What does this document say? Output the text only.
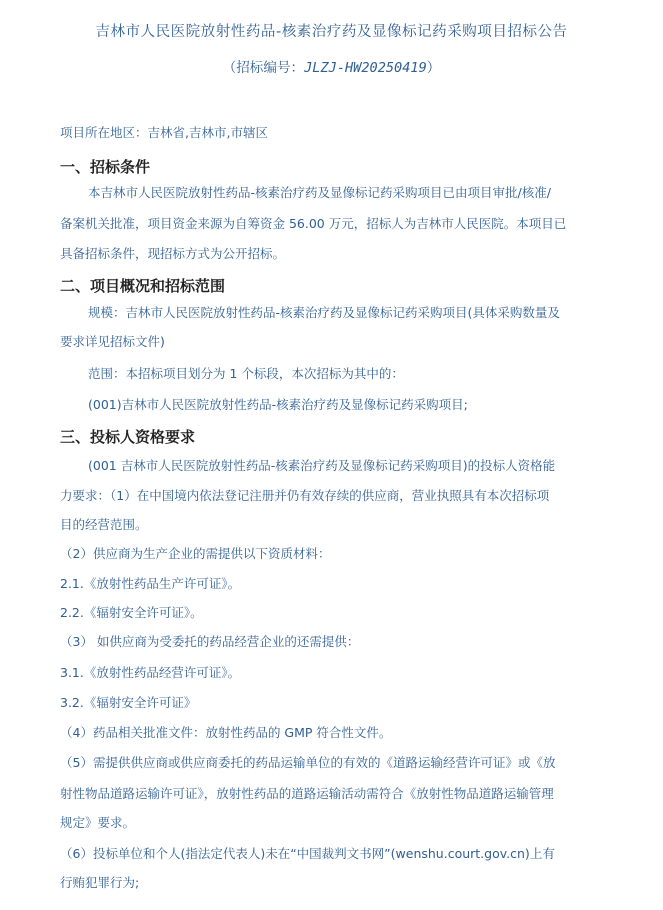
吉林市人民医院放射性药品-核素治疗药及显像标记药采购项目招标公告
（招标编号：JLZJ-HW20250419）
项目所在地区：吉林省,吉林市,市辖区
一、招标条件
本吉林市人民医院放射性药品-核素治疗药及显像标记药采购项目已由项目审批/核准/
备案机关批准，项目资金来源为自筹资金 56.00 万元，招标人为吉林市人民医院。本项目已
具备招标条件，现招标方式为公开招标。
二、项目概况和招标范围
规模：吉林市人民医院放射性药品-核素治疗药及显像标记药采购项目(具体采购数量及
要求详见招标文件)
范围：本招标项目划分为 1 个标段，本次招标为其中的：
(001)吉林市人民医院放射性药品-核素治疗药及显像标记药采购项目;
三、投标人资格要求
(001 吉林市人民医院放射性药品-核素治疗药及显像标记药采购项目)的投标人资格能
力要求：（1）在中国境内依法登记注册并仍有效存续的供应商，营业执照具有本次招标项
目的经营范围。
（2）供应商为生产企业的需提供以下资质材料：
2.1.《放射性药品生产许可证》。
2.2.《辐射安全许可证》。
（3） 如供应商为受委托的药品经营企业的还需提供：
3.1.《放射性药品经营许可证》。
3.2.《辐射安全许可证》
（4）药品相关批准文件：放射性药品的 GMP 符合性文件。
（5）需提供供应商或供应商委托的药品运输单位的有效的《道路运输经营许可证》或《放
射性物品道路运输许可证》，放射性药品的道路运输活动需符合《放射性物品道路运输管理
规定》要求。
（6）投标单位和个人(指法定代表人)未在“中国裁判文书网”(wenshu.court.gov.cn)上有
行贿犯罪行为;
